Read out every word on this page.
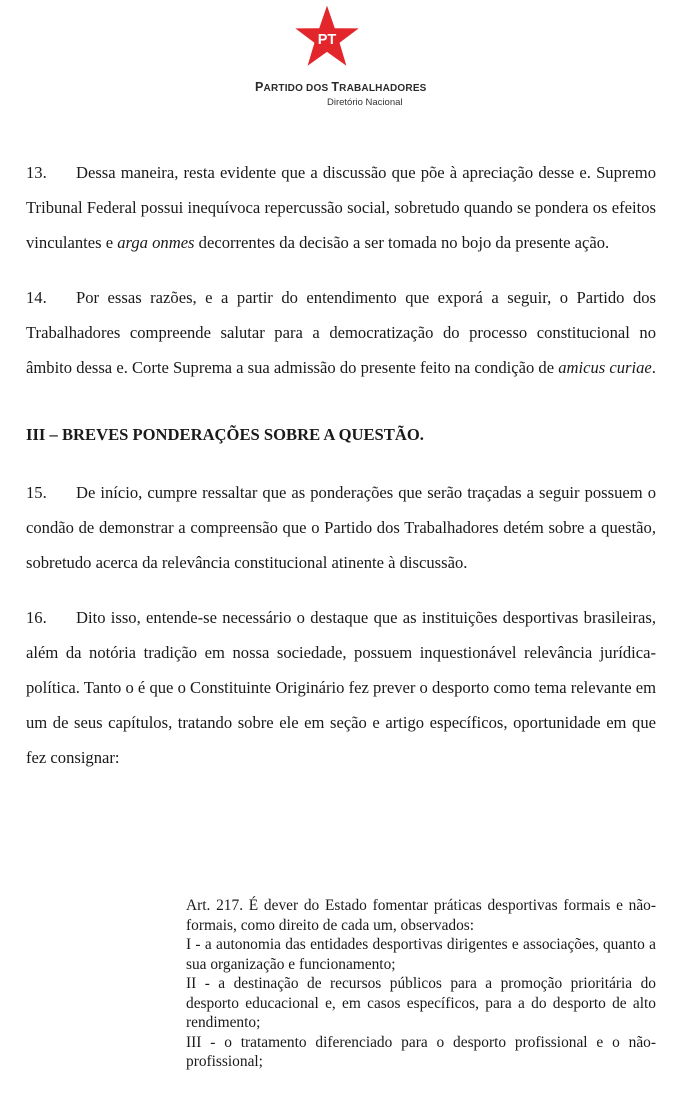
PT
PARTIDO DOS TRABALHADORES
Diretório Nacional

13. Dessa maneira, resta evidente que a discussão que põe à apreciação desse e. Supremo Tribunal Federal possui inequívoca repercussão social, sobretudo quando se pondera os efeitos vinculantes e arga onmes decorrentes da decisão a ser tomada no bojo da presente ação.

14. Por essas razões, e a partir do entendimento que exporá a seguir, o Partido dos Trabalhadores compreende salutar para a democratização do processo constitucional no âmbito dessa e. Corte Suprema a sua admissão do presente feito na condição de amicus curiae.

III – BREVES PONDERAÇÕES SOBRE A QUESTÃO.

15. De início, cumpre ressaltar que as ponderações que serão traçadas a seguir possuem o condão de demonstrar a compreensão que o Partido dos Trabalhadores detém sobre a questão, sobretudo acerca da relevância constitucional atinente à discussão.

16. Dito isso, entende-se necessário o destaque que as instituições desportivas brasileiras, além da notória tradição em nossa sociedade, possuem inquestionável relevância jurídica-política. Tanto o é que o Constituinte Originário fez prever o desporto como tema relevante em um de seus capítulos, tratando sobre ele em seção e artigo específicos, oportunidade em que fez consignar:

Art. 217. É dever do Estado fomentar práticas desportivas formais e não-formais, como direito de cada um, observados:

I - a autonomia das entidades desportivas dirigentes e associações, quanto a sua organização e funcionamento;

II - a destinação de recursos públicos para a promoção prioritária do desporto educacional e, em casos específicos, para a do desporto de alto rendimento;

III - o tratamento diferenciado para o desporto profissional e o não-profissional;
